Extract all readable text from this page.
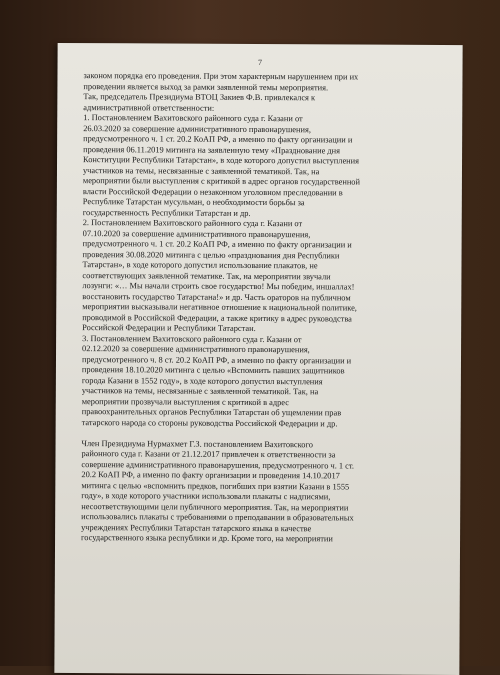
7
законом порядка его проведения. При этом характерным нарушением при их
проведении является выход за рамки заявленной темы мероприятия.
Так, председатель Президиума ВТОЦ Закиев Ф.В. привлекался к
административной ответственности:
1. Постановлением Вахитовского районного суда г. Казани от
26.03.2020 за совершение административного правонарушения,
предусмотренного ч. 1 ст. 20.2 КоАП РФ, а именно по факту организации и
проведения 06.11.2019 митинга на заявленную тему «Празднование дня
Конституции Республики Татарстан», в ходе которого допустил выступления
участников на темы, несвязанные с заявленной тематикой. Так, на
мероприятии были выступления с критикой в адрес органов государственной
власти Российской Федерации о незаконном уголовном преследовании в
Республике Татарстан мусульман, о необходимости борьбы за
государственность Республики Татарстан и др.
2. Постановлением Вахитовского районного суда г. Казани от
07.10.2020 за совершение административного правонарушения,
предусмотренного ч. 1 ст. 20.2 КоАП РФ, а именно по факту организации и
проведения 30.08.2020 митинга с целью «празднования дня Республики
Татарстан», в ходе которого допустил использование плакатов, не
соответствующих заявленной тематике. Так, на мероприятии звучали
лозунги: «… Мы начали строить свое государство! Мы победим, иншаллах!
восстановить государство Татарстана!» и др. Часть ораторов на публичном
мероприятии высказывали негативное отношение к национальной политике,
проводимой в Российской Федерации, а также критику в адрес руководства
Российской Федерации и Республики Татарстан.
3. Постановлением Вахитовского районного суда г. Казани от
02.12.2020 за совершение административного правонарушения,
предусмотренного ч. 8 ст. 20.2 КоАП РФ, а именно по факту организации и
проведения 18.10.2020 митинга с целью «Вспомнить павших защитников
города Казани в 1552 году», в ходе которого допустил выступления
участников на темы, несвязанные с заявленной тематикой. Так, на
мероприятии прозвучали выступления с критикой в адрес
правоохранительных органов Республики Татарстан об ущемлении прав
татарского народа со стороны руководства Российской Федерации и др.
Член Президиума Нурмахмет Г.З. постановлением Вахитовского
районного суда г. Казани от 21.12.2017 привлечен к ответственности за
совершение административного правонарушения, предусмотренного ч. 1 ст.
20.2 КоАП РФ, а именно по факту организации и проведения 14.10.2017
митинга с целью «вспомнить предков, погибших при взятии Казани в 1555
году», в ходе которого участники использовали плакаты с надписями,
несоответствующими цели публичного мероприятия. Так, на мероприятии
использовались плакаты с требованиями о преподавании в образовательных
учреждениях Республики Татарстан татарского языка в качестве
государственного языка республики и др. Кроме того, на мероприятии
